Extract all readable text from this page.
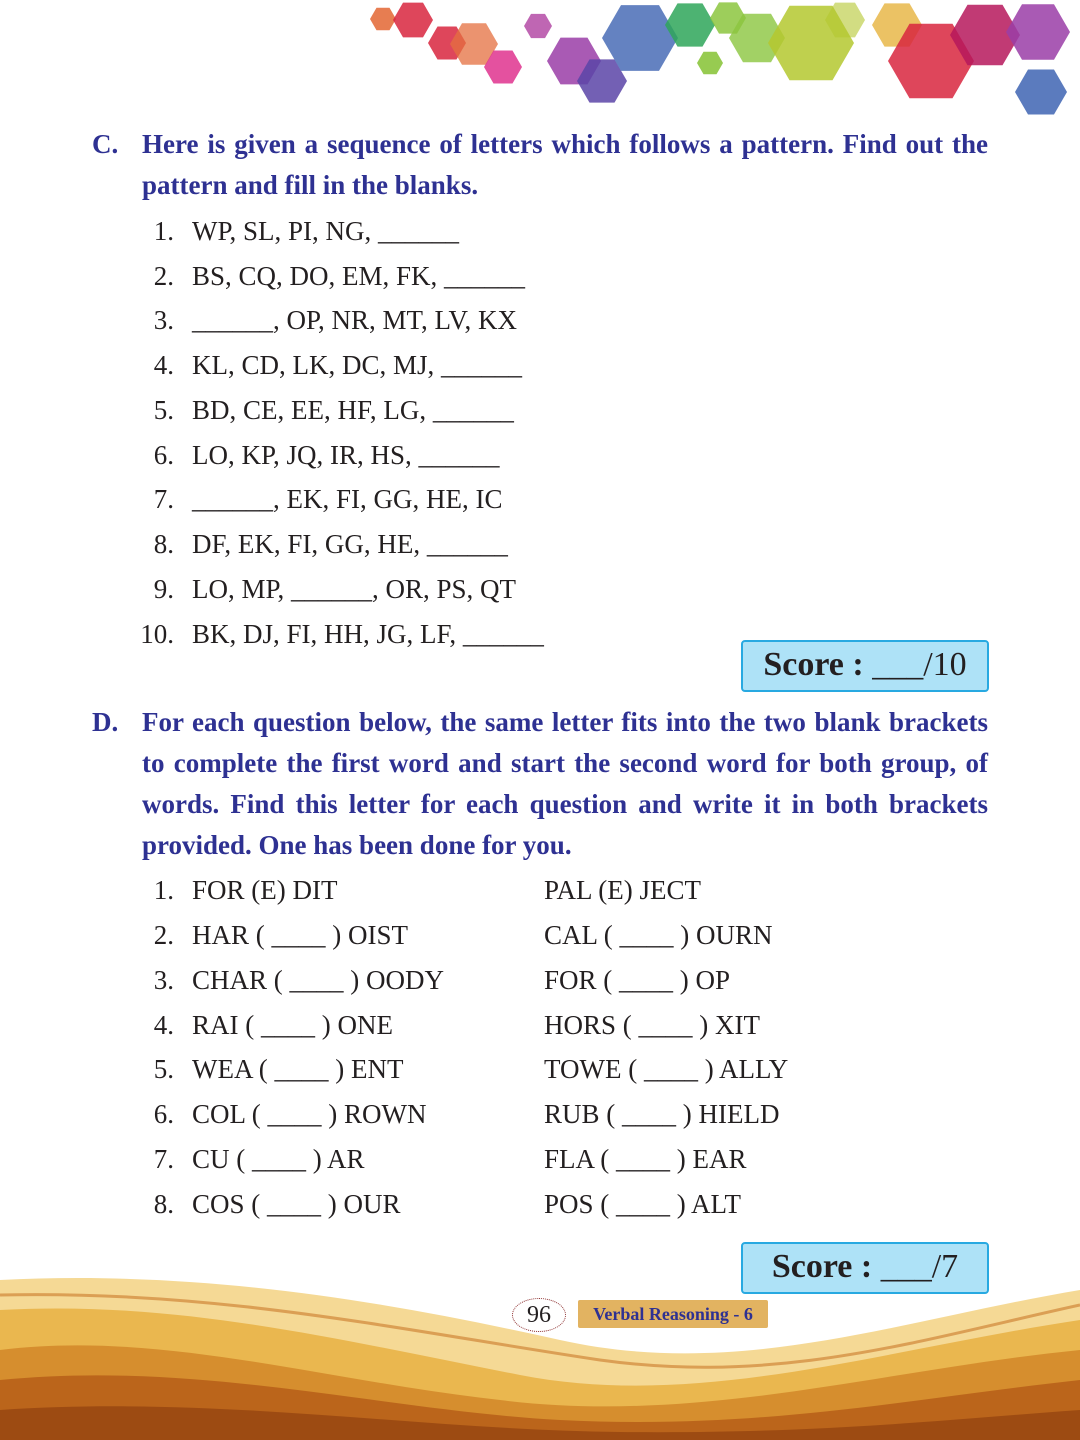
C. Here is given a sequence of letters which follows a pattern. Find out the pattern and fill in the blanks.
1. WP, SL, PI, NG, ______
2. BS, CQ, DO, EM, FK, ______
3. ______, OP, NR, MT, LV, KX
4. KL, CD, LK, DC, MJ, ______
5. BD, CE, EE, HF, LG, ______
6. LO, KP, JQ, IR, HS, ______
7. ______, EK, FI, GG, HE, IC
8. DF, EK, FI, GG, HE, ______
9. LO, MP, ______, OR, PS, QT
10. BK, DJ, FI, HH, JG, LF, ______
Score : ___/10
D. For each question below, the same letter fits into the two blank brackets to complete the first word and start the second word for both group, of words. Find this letter for each question and write it in both brackets provided. One has been done for you.
1. FOR (E) DIT	PAL (E) JECT
2. HAR ( ____ ) OIST	CAL ( ____ ) OURN
3. CHAR ( ____ ) OODY	FOR ( ____ ) OP
4. RAI ( ____ ) ONE	HORS ( ____ ) XIT
5. WEA ( ____ ) ENT	TOWE ( ____ ) ALLY
6. COL ( ____ ) ROWN	RUB ( ____ ) HIELD
7. CU ( ____ ) AR	FLA ( ____ ) EAR
8. COS ( ____ ) OUR	POS ( ____ ) ALT
Score : ___/7
96	Verbal Reasoning - 6
